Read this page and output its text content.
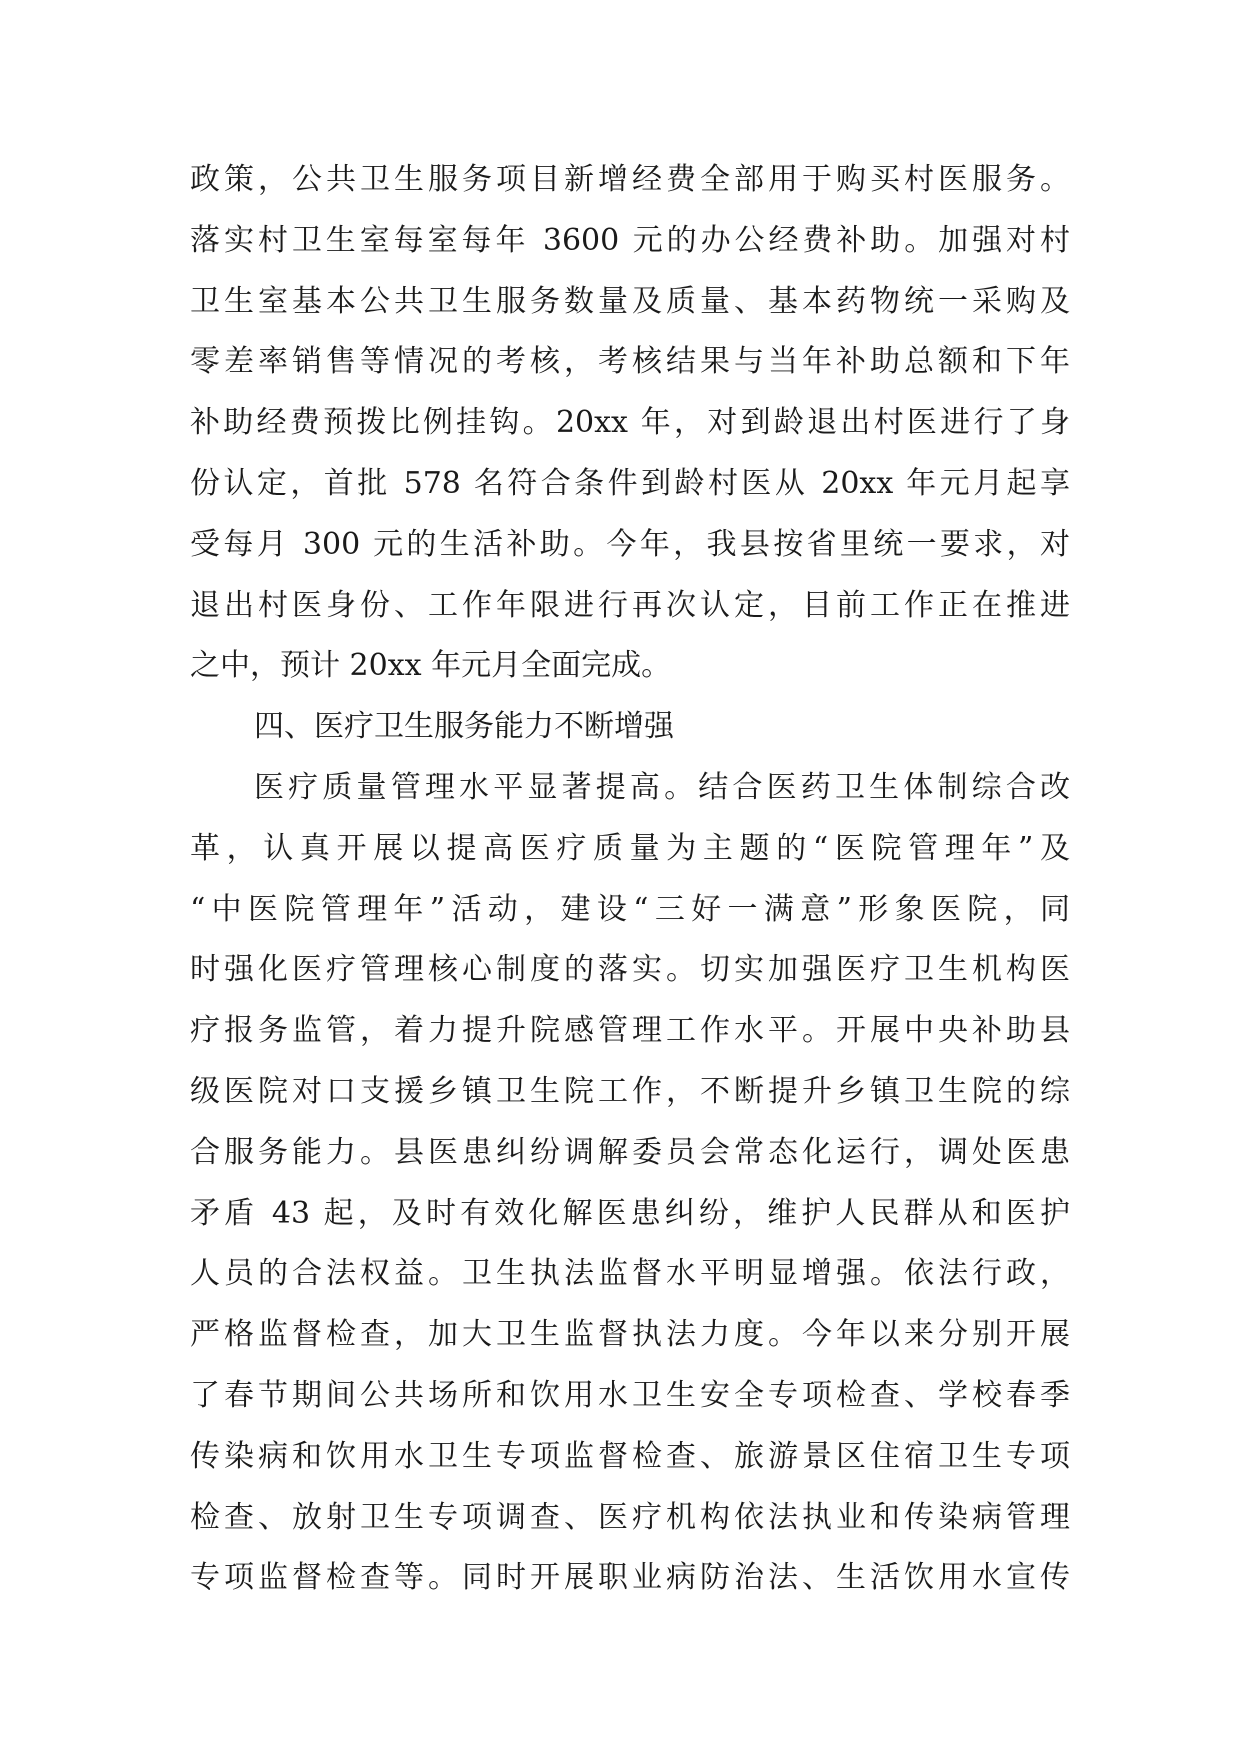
政策，公共卫生服务项目新增经费全部用于购买村医服务。
落实村卫生室每室每年 3600 元的办公经费补助。加强对村
卫生室基本公共卫生服务数量及质量、基本药物统一采购及
零差率销售等情况的考核，考核结果与当年补助总额和下年
补助经费预拨比例挂钩。20xx 年，对到龄退出村医进行了身
份认定，首批 578 名符合条件到龄村医从 20xx 年元月起享
受每月 300 元的生活补助。今年，我县按省里统一要求，对
退出村医身份、工作年限进行再次认定，目前工作正在推进
之中，预计 20xx 年元月全面完成。
四、医疗卫生服务能力不断增强
医疗质量管理水平显著提高。结合医药卫生体制综合改
革，认真开展以提高医疗质量为主题的“医院管理年”及
“中医院管理年”活动，建设“三好一满意”形象医院，同
时强化医疗管理核心制度的落实。切实加强医疗卫生机构医
疗报务监管，着力提升院感管理工作水平。开展中央补助县
级医院对口支援乡镇卫生院工作，不断提升乡镇卫生院的综
合服务能力。县医患纠纷调解委员会常态化运行，调处医患
矛盾 43 起，及时有效化解医患纠纷，维护人民群从和医护
人员的合法权益。卫生执法监督水平明显增强。依法行政，
严格监督检查，加大卫生监督执法力度。今年以来分别开展
了春节期间公共场所和饮用水卫生安全专项检查、学校春季
传染病和饮用水卫生专项监督检查、旅游景区住宿卫生专项
检查、放射卫生专项调查、医疗机构依法执业和传染病管理
专项监督检查等。同时开展职业病防治法、生活饮用水宣传
